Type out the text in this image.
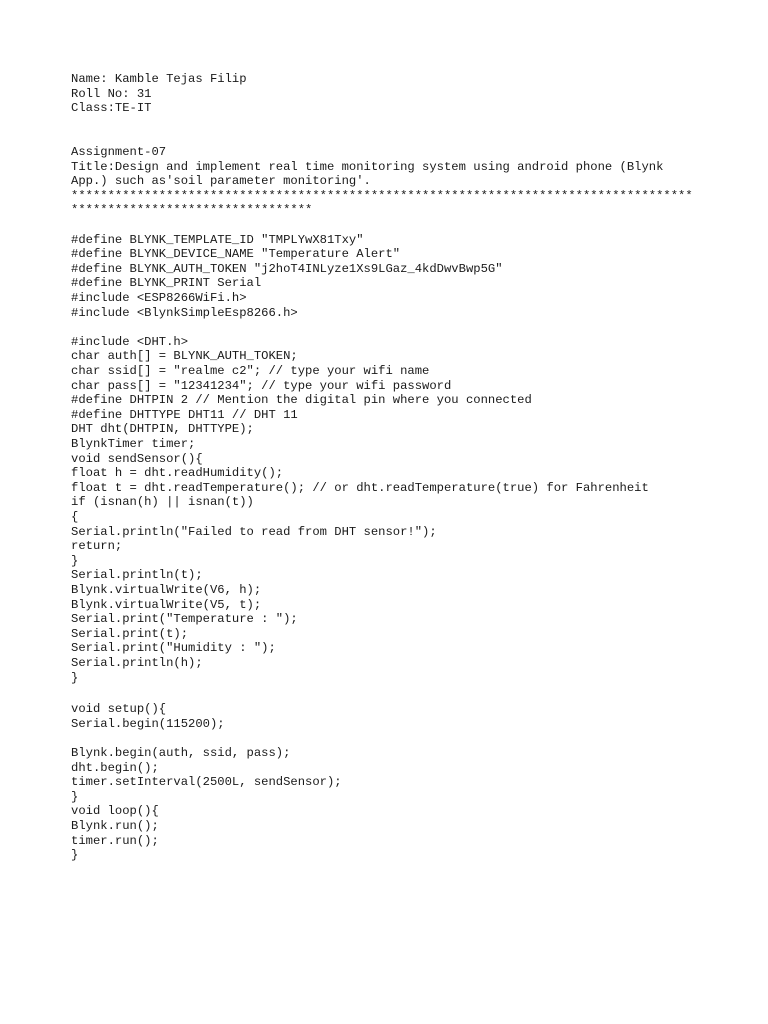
Name: Kamble Tejas Filip
Roll No: 31
Class:TE-IT
Assignment-07
Title:Design and implement real time monitoring system using android phone (Blynk
App.) such as'soil parameter monitoring'.
*************************************************************************************
*********************************
#define BLYNK_TEMPLATE_ID "TMPLYwX81Txy"
#define BLYNK_DEVICE_NAME "Temperature Alert"
#define BLYNK_AUTH_TOKEN "j2hoT4INLyze1Xs9LGaz_4kdDwvBwp5G"
#define BLYNK_PRINT Serial
#include <ESP8266WiFi.h>
#include <BlynkSimpleEsp8266.h>
#include <DHT.h>
char auth[] = BLYNK_AUTH_TOKEN;
char ssid[] = "realme c2"; // type your wifi name
char pass[] = "12341234"; // type your wifi password
#define DHTPIN 2 // Mention the digital pin where you connected
#define DHTTYPE DHT11 // DHT 11
DHT dht(DHTPIN, DHTTYPE);
BlynkTimer timer;
void sendSensor(){
float h = dht.readHumidity();
float t = dht.readTemperature(); // or dht.readTemperature(true) for Fahrenheit
if (isnan(h) || isnan(t))
{
Serial.println("Failed to read from DHT sensor!");
return;
}
Serial.println(t);
Blynk.virtualWrite(V6, h);
Blynk.virtualWrite(V5, t);
Serial.print("Temperature : ");
Serial.print(t);
Serial.print("Humidity : ");
Serial.println(h);
}
void setup(){
Serial.begin(115200);
Blynk.begin(auth, ssid, pass);
dht.begin();
timer.setInterval(2500L, sendSensor);
}
void loop(){
Blynk.run();
timer.run();
}
